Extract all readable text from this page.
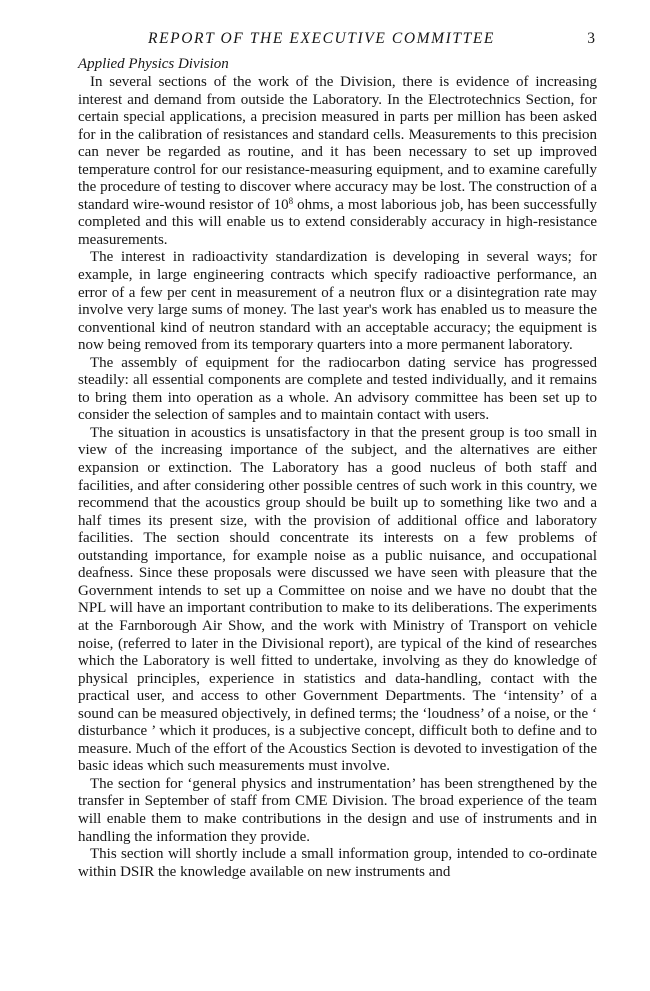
REPORT OF THE EXECUTIVE COMMITTEE	3
Applied Physics Division

In several sections of the work of the Division, there is evidence of increasing interest and demand from outside the Laboratory. In the Electrotechnics Section, for certain special applications, a precision measured in parts per million has been asked for in the calibration of resistances and standard cells. Measurements to this precision can never be regarded as routine, and it has been necessary to set up improved temperature control for our resistance-measuring equipment, and to examine carefully the procedure of testing to discover where accuracy may be lost. The construction of a standard wire-wound resistor of $10^8$ ohms, a most laborious job, has been successfully completed and this will enable us to extend considerably accuracy in high-resistance measurements.

The interest in radioactivity standardization is developing in several ways; for example, in large engineering contracts which specify radioactive performance, an error of a few per cent in measurement of a neutron flux or a disintegration rate may involve very large sums of money. The last year's work has enabled us to measure the conventional kind of neutron standard with an acceptable accuracy; the equipment is now being removed from its temporary quarters into a more permanent laboratory.

The assembly of equipment for the radiocarbon dating service has progressed steadily: all essential components are complete and tested individually, and it remains to bring them into operation as a whole. An advisory committee has been set up to consider the selection of samples and to maintain contact with users.

The situation in acoustics is unsatisfactory in that the present group is too small in view of the increasing importance of the subject, and the alternatives are either expansion or extinction. The Laboratory has a good nucleus of both staff and facilities, and after considering other possible centres of such work in this country, we recommend that the acoustics group should be built up to something like two and a half times its present size, with the provision of additional office and laboratory facilities. The section should concentrate its interests on a few problems of outstanding importance, for example noise as a public nuisance, and occupational deafness. Since these proposals were discussed we have seen with pleasure that the Government intends to set up a Committee on noise and we have no doubt that the NPL will have an important contribution to make to its deliberations. The experiments at the Farnborough Air Show, and the work with Ministry of Transport on vehicle noise, (referred to later in the Divisional report), are typical of the kind of researches which the Laboratory is well fitted to undertake, involving as they do knowledge of physical principles, experience in statistics and data-handling, contact with the practical user, and access to other Government Departments. The ‘intensity’ of a sound can be measured objectively, in defined terms; the ‘loudness’ of a noise, or the ‘ disturbance ’ which it produces, is a subjective concept, difficult both to define and to measure. Much of the effort of the Acoustics Section is devoted to investigation of the basic ideas which such measurements must involve.

The section for ‘general physics and instrumentation’ has been strengthened by the transfer in September of staff from CME Division. The broad experience of the team will enable them to make contributions in the design and use of instruments and in handling the information they provide.

This section will shortly include a small information group, intended to co-ordinate within DSIR the knowledge available on new instruments and
